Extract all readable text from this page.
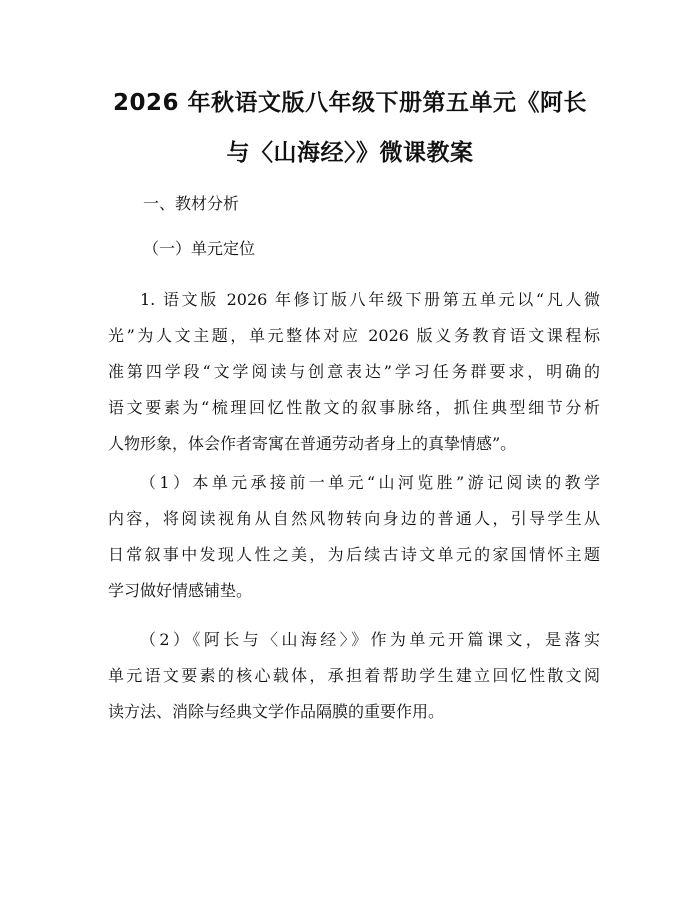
2026 年秋语文版八年级下册第五单元《阿长
与〈山海经〉》微课教案

一、教材分析

（一）单元定位

1. 语文版 2026 年修订版八年级下册第五单元以“凡人微
光”为人文主题，单元整体对应 2026 版义务教育语文课程标
准第四学段“文学阅读与创意表达”学习任务群要求，明确的
语文要素为“梳理回忆性散文的叙事脉络，抓住典型细节分析
人物形象，体会作者寄寓在普通劳动者身上的真挚情感”。

（1）本单元承接前一单元“山河览胜”游记阅读的教学
内容，将阅读视角从自然风物转向身边的普通人，引导学生从
日常叙事中发现人性之美，为后续古诗文单元的家国情怀主题
学习做好情感铺垫。

（2）《阿长与〈山海经〉》作为单元开篇课文，是落实
单元语文要素的核心载体，承担着帮助学生建立回忆性散文阅
读方法、消除与经典文学作品隔膜的重要作用。
